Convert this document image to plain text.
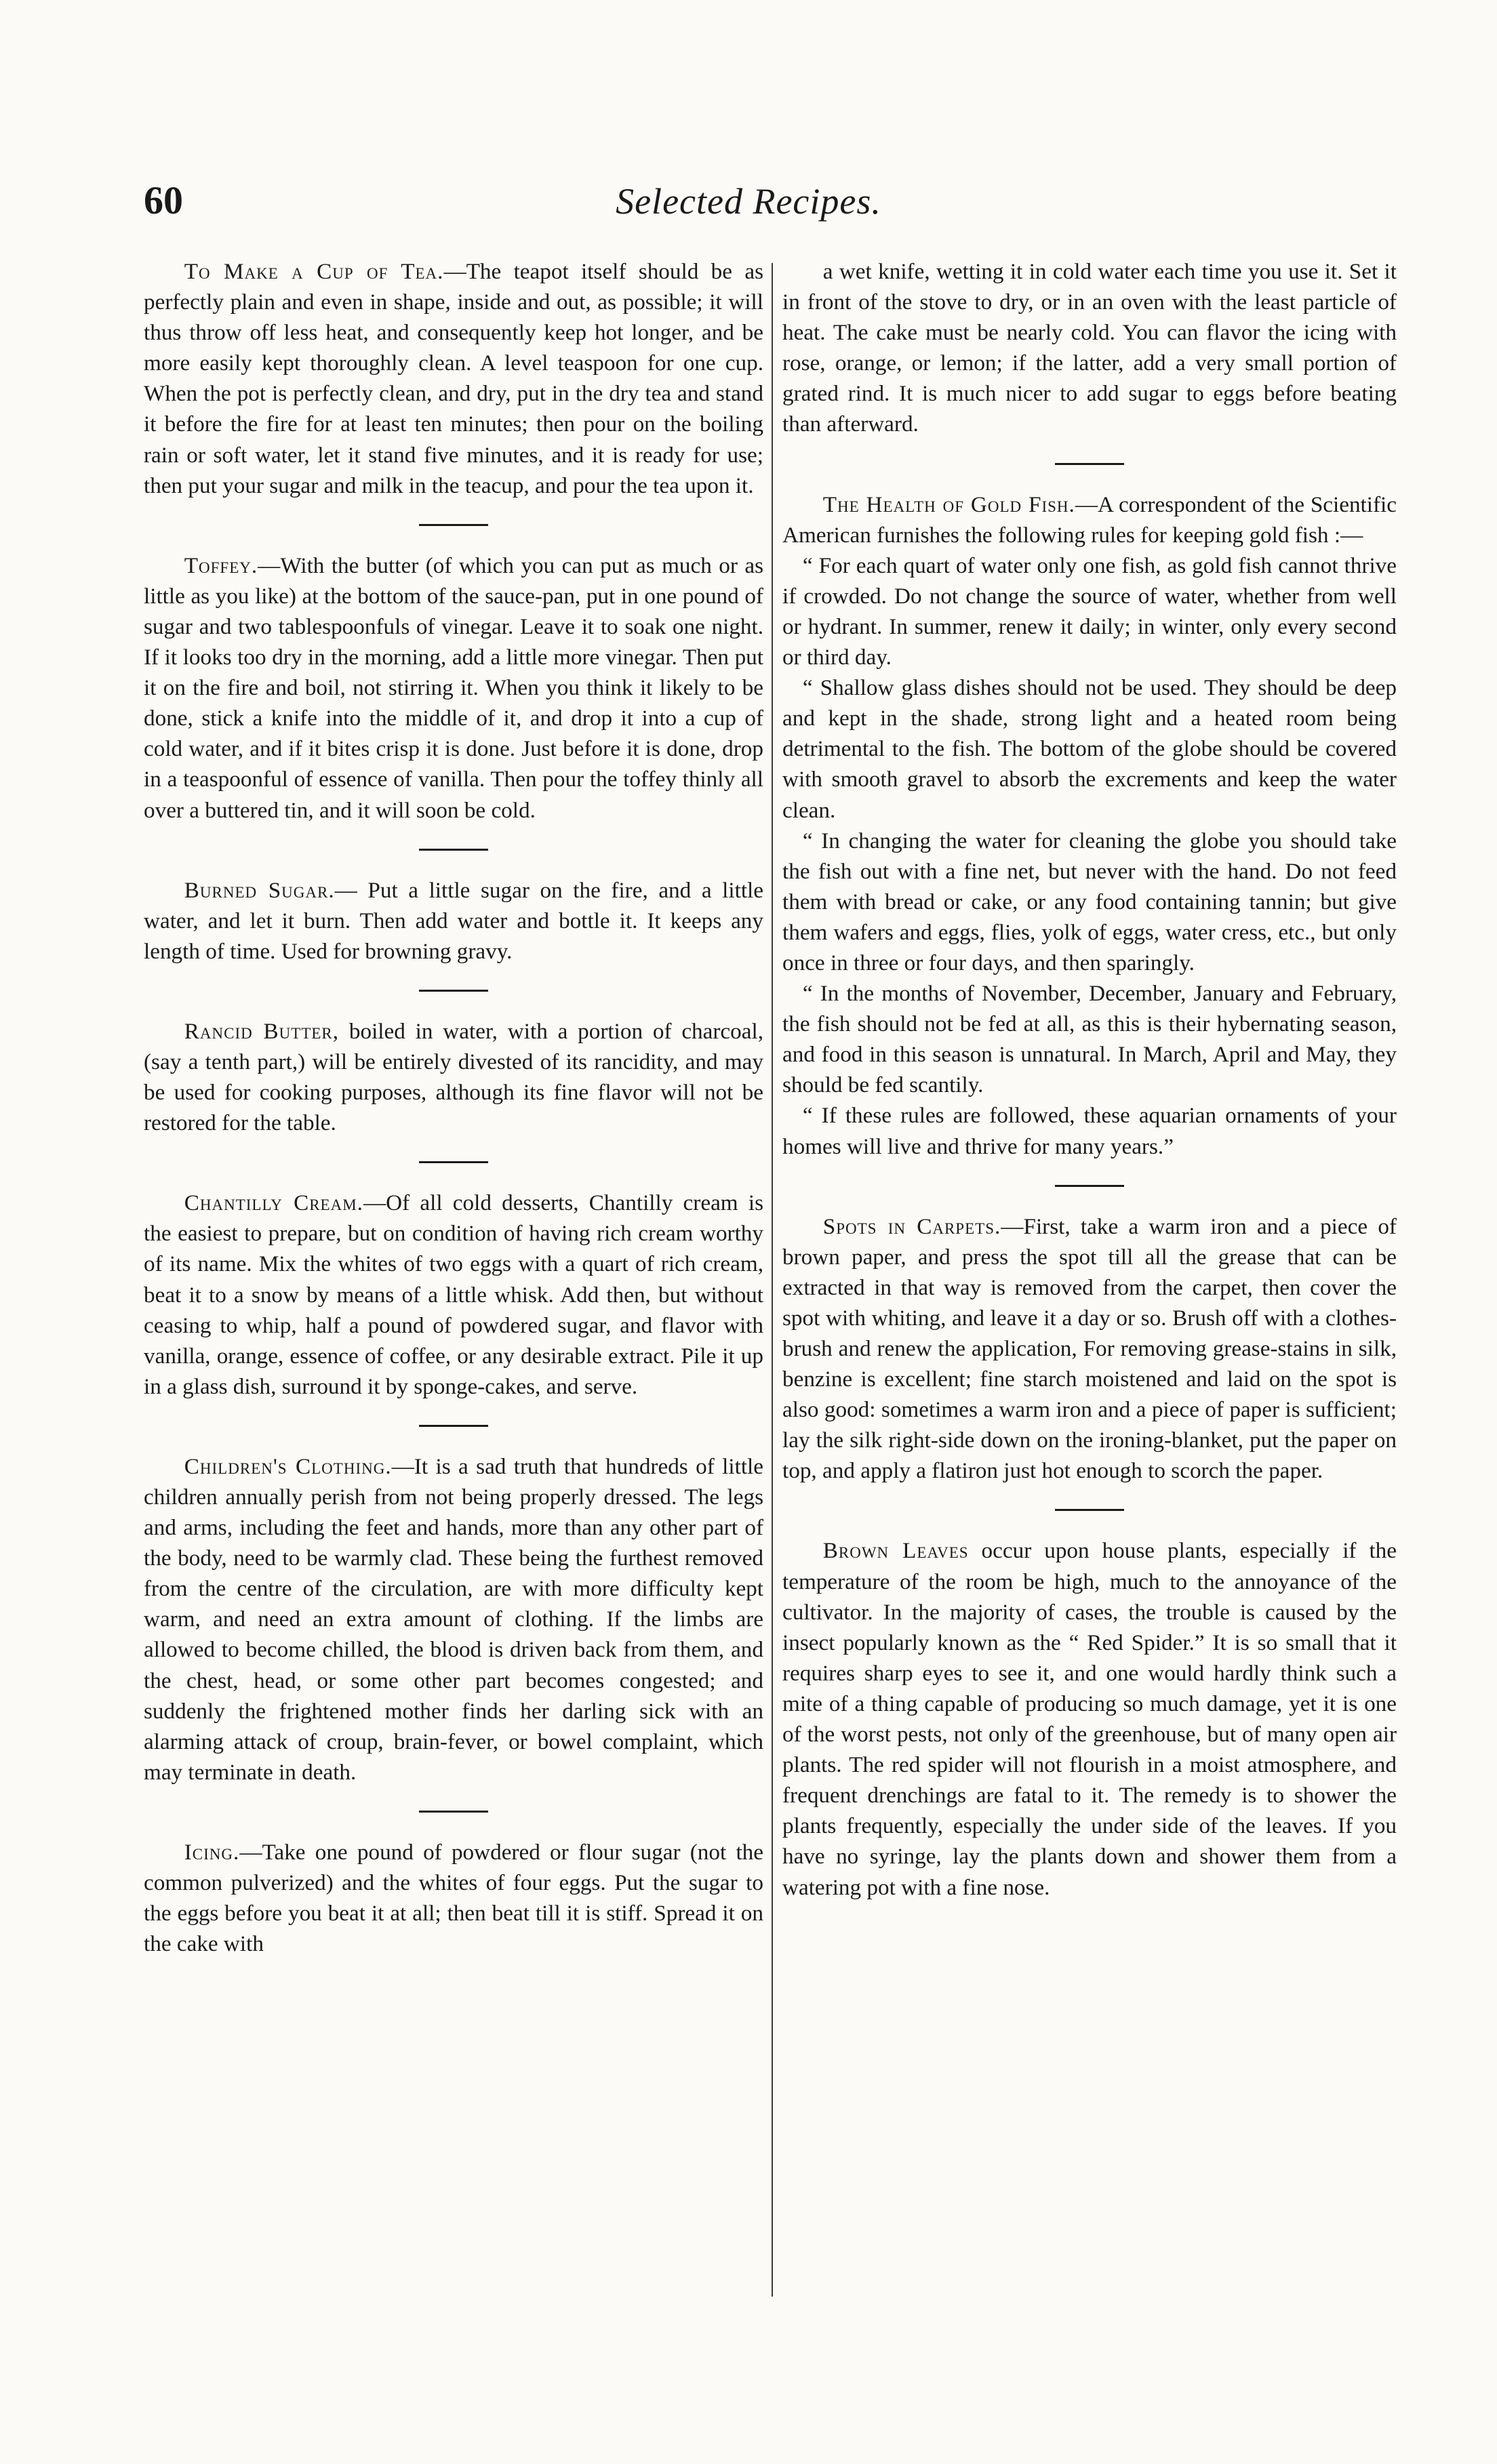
60	Selected Recipes.

To Make a Cup of Tea.—The teapot itself should be as perfectly plain and even in shape, inside and out, as possible; it will thus throw off less heat, and consequently keep hot longer, and be more easily kept thoroughly clean. A level teaspoon for one cup. When the pot is perfectly clean, and dry, put in the dry tea and stand it before the fire for at least ten minutes; then pour on the boiling rain or soft water, let it stand five minutes, and it is ready for use; then put your sugar and milk in the teacup, and pour the tea upon it.

Toffey.—With the butter (of which you can put as much or as little as you like) at the bottom of the sauce-pan, put in one pound of sugar and two tablespoonfuls of vinegar. Leave it to soak one night. If it looks too dry in the morning, add a little more vinegar. Then put it on the fire and boil, not stirring it. When you think it likely to be done, stick a knife into the middle of it, and drop it into a cup of cold water, and if it bites crisp it is done. Just before it is done, drop in a teaspoonful of essence of vanilla. Then pour the toffey thinly all over a buttered tin, and it will soon be cold.

Burned Sugar.— Put a little sugar on the fire, and a little water, and let it burn. Then add water and bottle it. It keeps any length of time. Used for browning gravy.

Rancid Butter, boiled in water, with a portion of charcoal, (say a tenth part,) will be entirely divested of its rancidity, and may be used for cooking purposes, although its fine flavor will not be restored for the table.

Chantilly Cream.—Of all cold desserts, Chantilly cream is the easiest to prepare, but on condition of having rich cream worthy of its name. Mix the whites of two eggs with a quart of rich cream, beat it to a snow by means of a little whisk. Add then, but without ceasing to whip, half a pound of powdered sugar, and flavor with vanilla, orange, essence of coffee, or any desirable extract. Pile it up in a glass dish, surround it by sponge-cakes, and serve.

Children's Clothing.—It is a sad truth that hundreds of little children annually perish from not being properly dressed. The legs and arms, including the feet and hands, more than any other part of the body, need to be warmly clad. These being the furthest removed from the centre of the circulation, are with more difficulty kept warm, and need an extra amount of clothing. If the limbs are allowed to become chilled, the blood is driven back from them, and the chest, head, or some other part becomes congested; and suddenly the frightened mother finds her darling sick with an alarming attack of croup, brain-fever, or bowel complaint, which may terminate in death.

Icing.—Take one pound of powdered or flour sugar (not the common pulverized) and the whites of four eggs. Put the sugar to the eggs before you beat it at all; then beat till it is stiff. Spread it on the cake with

a wet knife, wetting it in cold water each time you use it. Set it in front of the stove to dry, or in an oven with the least particle of heat. The cake must be nearly cold. You can flavor the icing with rose, orange, or lemon; if the latter, add a very small portion of grated rind. It is much nicer to add sugar to eggs before beating than afterward.

The Health of Gold Fish.—A correspondent of the Scientific American furnishes the following rules for keeping gold fish :—

“ For each quart of water only one fish, as gold fish cannot thrive if crowded. Do not change the source of water, whether from well or hydrant. In summer, renew it daily; in winter, only every second or third day.

“ Shallow glass dishes should not be used. They should be deep and kept in the shade, strong light and a heated room being detrimental to the fish. The bottom of the globe should be covered with smooth gravel to absorb the excrements and keep the water clean.

“ In changing the water for cleaning the globe you should take the fish out with a fine net, but never with the hand. Do not feed them with bread or cake, or any food containing tannin; but give them wafers and eggs, flies, yolk of eggs, water cress, etc., but only once in three or four days, and then sparingly.

“ In the months of November, December, January and February, the fish should not be fed at all, as this is their hybernating season, and food in this season is unnatural. In March, April and May, they should be fed scantily.

“ If these rules are followed, these aquarian ornaments of your homes will live and thrive for many years.”

Spots in Carpets.—First, take a warm iron and a piece of brown paper, and press the spot till all the grease that can be extracted in that way is removed from the carpet, then cover the spot with whiting, and leave it a day or so. Brush off with a clothes-brush and renew the application, For removing grease-stains in silk, benzine is excellent; fine starch moistened and laid on the spot is also good: sometimes a warm iron and a piece of paper is sufficient; lay the silk right-side down on the ironing-blanket, put the paper on top, and apply a flatiron just hot enough to scorch the paper.

Brown Leaves occur upon house plants, especially if the temperature of the room be high, much to the annoyance of the cultivator. In the majority of cases, the trouble is caused by the insect popularly known as the “ Red Spider.” It is so small that it requires sharp eyes to see it, and one would hardly think such a mite of a thing capable of producing so much damage, yet it is one of the worst pests, not only of the greenhouse, but of many open air plants. The red spider will not flourish in a moist atmosphere, and frequent drenchings are fatal to it. The remedy is to shower the plants frequently, especially the under side of the leaves. If you have no syringe, lay the plants down and shower them from a watering pot with a fine nose.
